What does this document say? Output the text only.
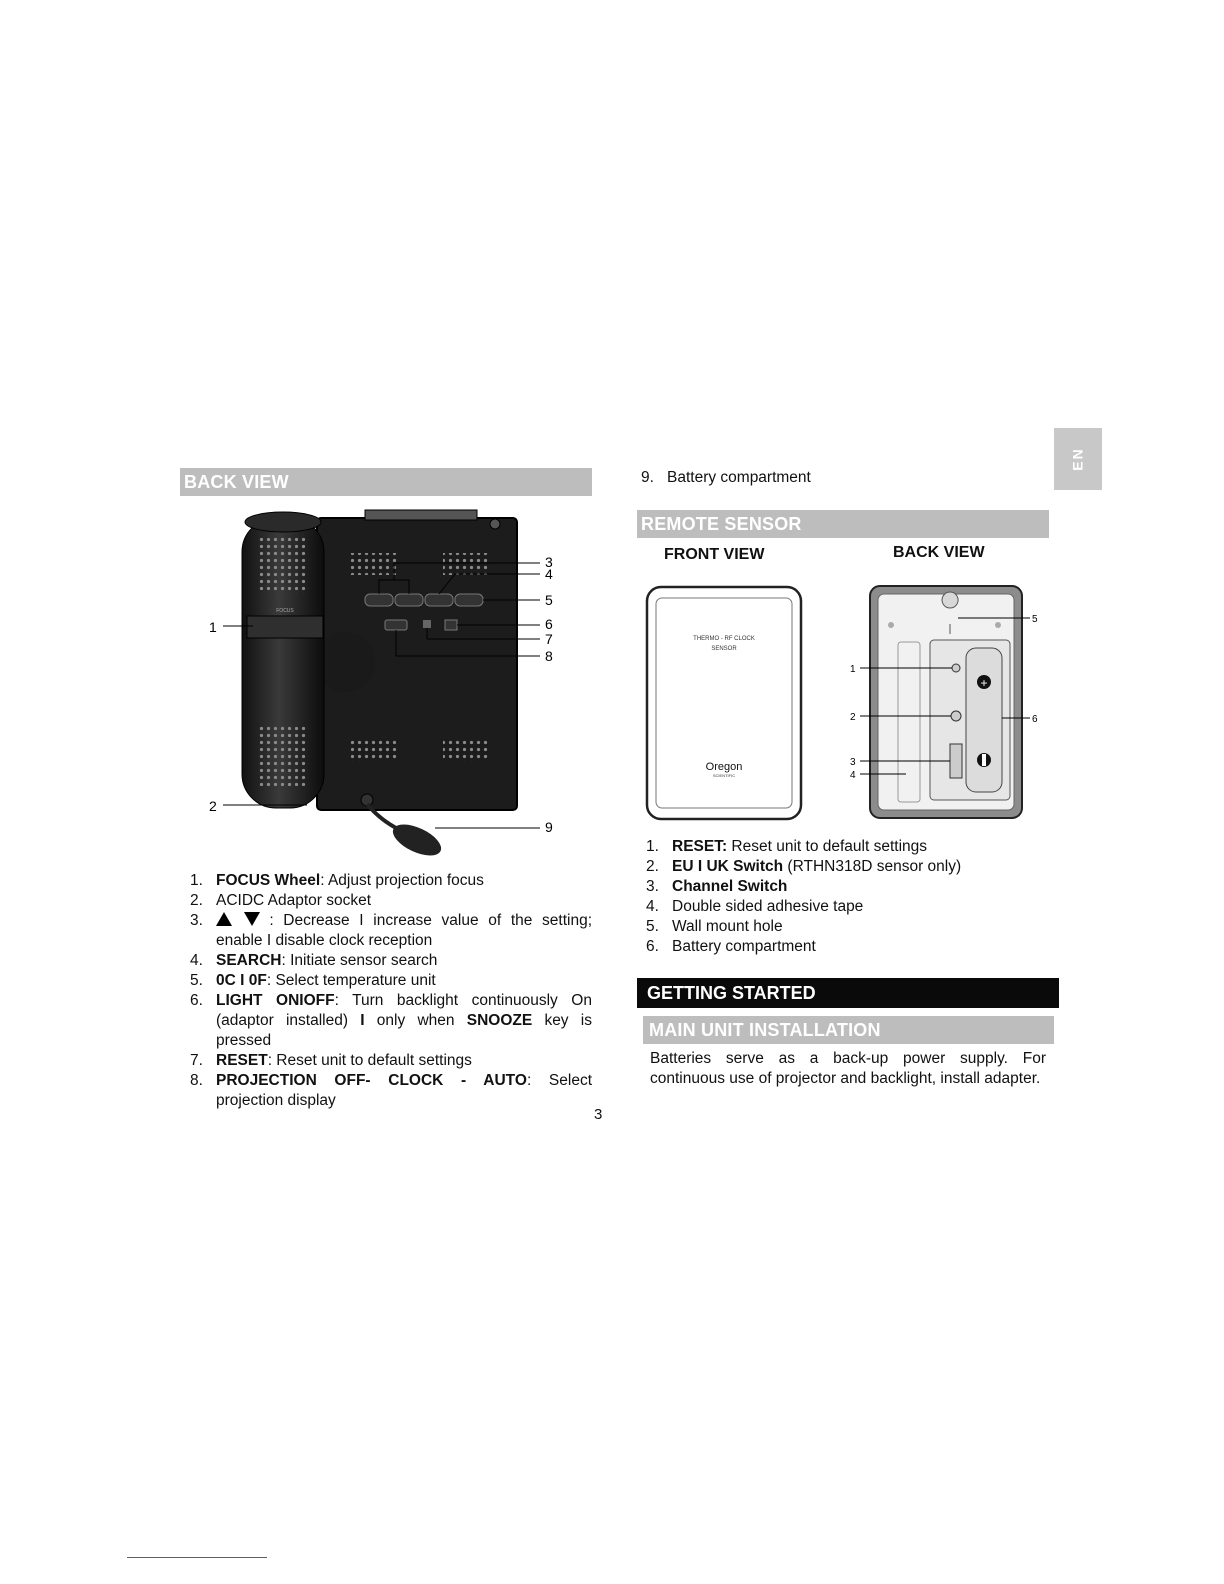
EN
BACK VIEW
FOCUS
1
2
3
4
5
6
7
8
9
1. FOCUS Wheel: Adjust projection focus
2. ACIDC Adaptor socket
3.	: Decrease I increase value of the setting; enable I disable clock reception
4. SEARCH: Initiate sensor search
5. 0C I 0F: Select temperature unit
6. LIGHT ONIOFF: Turn backlight continuously On (adaptor installed) I only when SNOOZE key is pressed
7. RESET: Reset unit to default settings
8. PROJECTION OFF- CLOCK - AUTO: Select projection display
3
9. Battery compartment
REMOTE SENSOR
FRONT VIEW	BACK VIEW
THERMO - RF CLOCK
SENSOR
Oregon
SCIENTIFIC
+
1
2
3
4
5
6
1. RESET: Reset unit to default settings
2. EU I UK Switch (RTHN318D sensor only)
3. Channel Switch
4. Double sided adhesive tape
5. Wall mount hole
6. Battery compartment
GETTING STARTED
MAIN UNIT INSTALLATION
Batteries serve as a back-up power supply. For continuous use of projector and backlight, install adapter.
